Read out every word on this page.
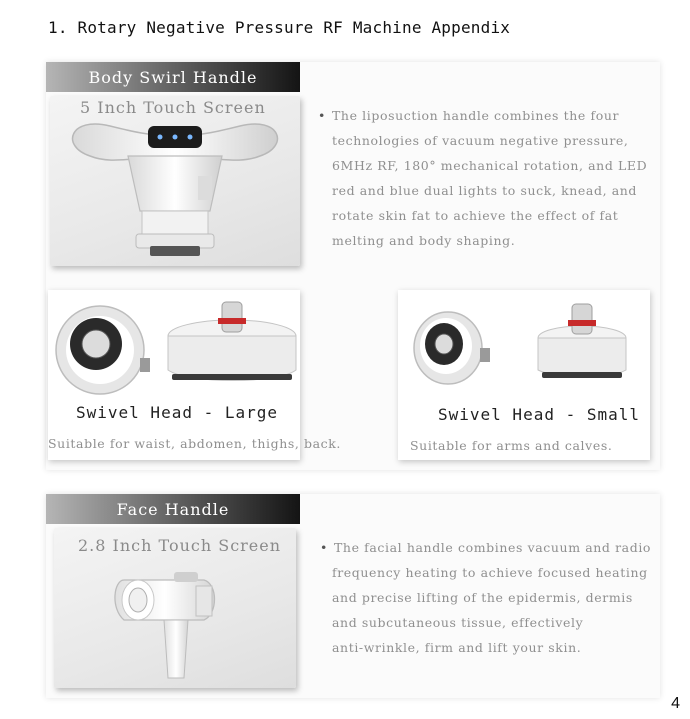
1. Rotary Negative Pressure RF Machine Appendix
Body Swirl Handle
5 Inch Touch Screen	• The liposuction handle combines the four
technologies of vacuum negative pressure,
6MHz RF, 180° mechanical rotation, and LED
red and blue dual lights to suck, knead, and
rotate skin fat to achieve the effect of fat
melting and body shaping.
Swivel Head - Large
Suitable for waist, abdomen, thighs, back.
Swivel Head - Small
Suitable for arms and calves.
Face Handle
2.8 Inch Touch Screen	• The facial handle combines vacuum and radio
frequency heating to achieve focused heating
and precise lifting of the epidermis, dermis
and subcutaneous tissue, effectively
anti-wrinkle, firm and lift your skin.
4
